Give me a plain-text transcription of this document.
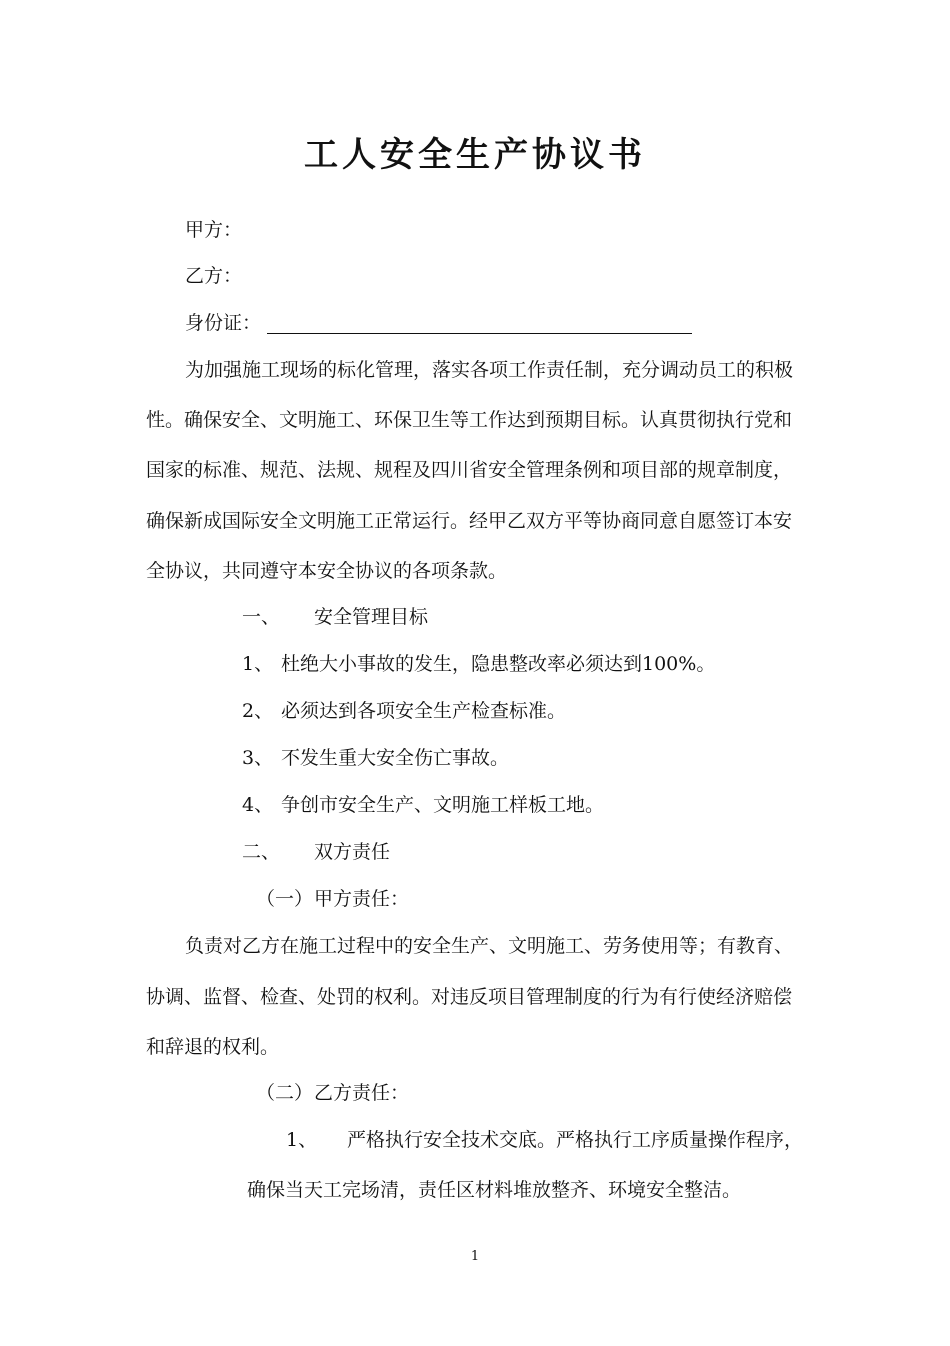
工人安全生产协议书
甲方：
乙方：
身份证：
为加强施工现场的标化管理，落实各项工作责任制，充分调动员工的积极
性。确保安全、文明施工、环保卫生等工作达到预期目标。认真贯彻执行党和
国家的标准、规范、法规、规程及四川省安全管理条例和项目部的规章制度，
确保新成国际安全文明施工正常运行。经甲乙双方平等协商同意自愿签订本安
全协议，共同遵守本安全协议的各项条款。
一、 安全管理目标
1、 杜绝大小事故的发生，隐患整改率必须达到100%。
2、 必须达到各项安全生产检查标准。
3、 不发生重大安全伤亡事故。
4、 争创市安全生产、文明施工样板工地。
二、 双方责任
（一） 甲方责任：
负责对乙方在施工过程中的安全生产、文明施工、劳务使用等；有教育、
协调、监督、检查、处罚的权利。对违反项目管理制度的行为有行使经济赔偿
和辞退的权利。
（二） 乙方责任：
1、 严格执行安全技术交底。严格执行工序质量操作程序，
确保当天工完场清，责任区材料堆放整齐、环境安全整洁。
1
